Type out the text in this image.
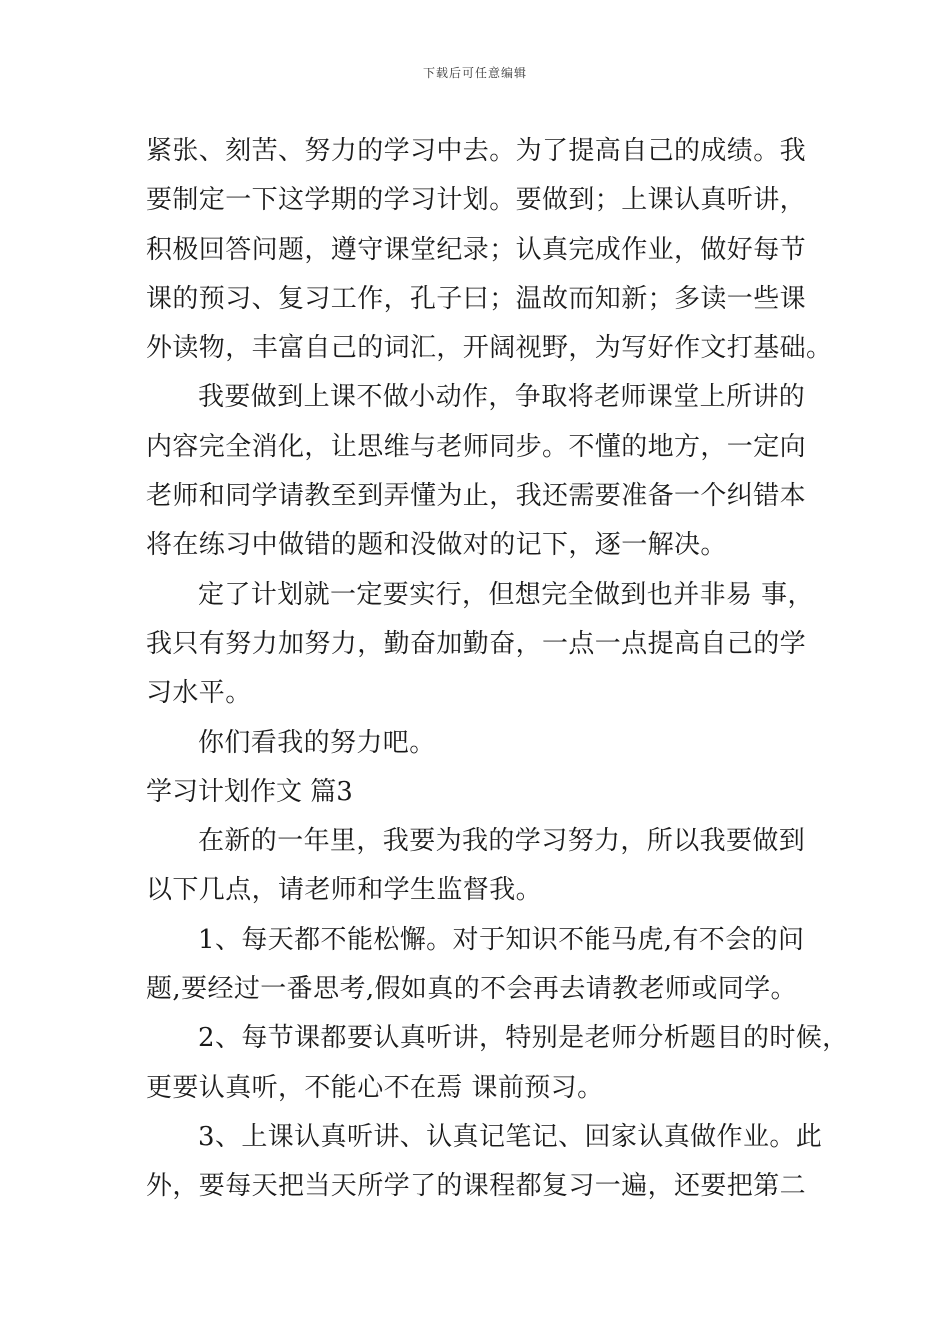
下载后可任意编辑
紧张、刻苦、努力的学习中去。为了提高自己的成绩。我
要制定一下这学期的学习计划。要做到；上课认真听讲，
积极回答问题，遵守课堂纪录；认真完成作业，做好每节
课的预习、复习工作，孔子曰；温故而知新；多读一些课
外读物，丰富自己的词汇，开阔视野，为写好作文打基础。
我要做到上课不做小动作，争取将老师课堂上所讲的
内容完全消化，让思维与老师同步。不懂的地方，一定向
老师和同学请教至到弄懂为止，我还需要准备一个纠错本
将在练习中做错的题和没做对的记下，逐一解决。
定了计划就一定要实行，但想完全做到也并非易 事，
我只有努力加努力，勤奋加勤奋，一点一点提高自己的学
习水平。
你们看我的努力吧。
学习计划作文 篇3
在新的一年里，我要为我的学习努力，所以我要做到
以下几点，请老师和学生监督我。
1、每天都不能松懈。对于知识不能马虎,有不会的问
题,要经过一番思考,假如真的不会再去请教老师或同学。
2、每节课都要认真听讲，特别是老师分析题目的时候，
更要认真听，不能心不在焉 课前预习。
3、上课认真听讲、认真记笔记、回家认真做作业。此
外，要每天把当天所学了的课程都复习一遍，还要把第二
